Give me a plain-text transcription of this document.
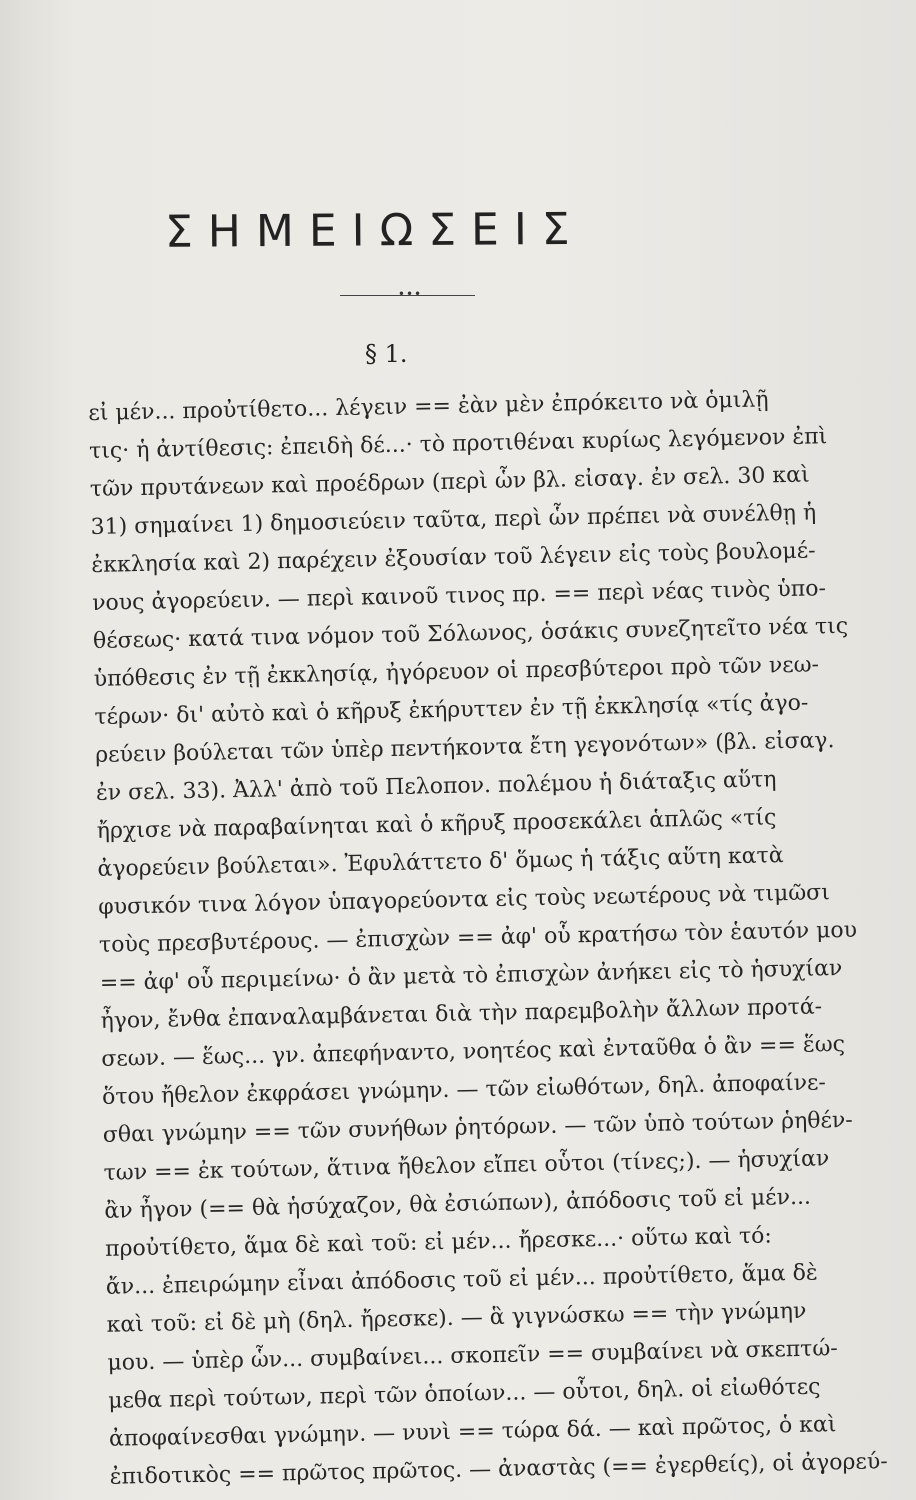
ΣΗΜΕΙΩΣΕΙΣ
•••
§ 1.
εἰ μέν... προὐτίθετο... λέγειν == ἐὰν μὲν ἐπρόκειτο νὰ ὁμιλῇ
τις· ἡ ἀντίθεσις: ἐπειδὴ δέ...· τὸ προτιθέναι κυρίως λεγόμενον ἐπὶ
τῶν πρυτάνεων καὶ προέδρων (περὶ ὧν βλ. εἰσαγ. ἐν σελ. 30 καὶ
31) σημαίνει 1) δημοσιεύειν ταῦτα, περὶ ὧν πρέπει νὰ συνέλθῃ ἡ
ἐκκλησία καὶ 2) παρέχειν ἐξουσίαν τοῦ λέγειν εἰς τοὺς βουλομέ-
νους ἀγορεύειν. — περὶ καινοῦ τινος πρ. == περὶ νέας τινὸς ὑπο-
θέσεως· κατά τινα νόμον τοῦ Σόλωνος, ὁσάκις συνεζητεῖτο νέα τις
ὑπόθεσις ἐν τῇ ἐκκλησίᾳ, ἠγόρευον οἱ πρεσβύτεροι πρὸ τῶν νεω-
τέρων· δι' αὐτὸ καὶ ὁ κῆρυξ ἐκήρυττεν ἐν τῇ ἐκκλησίᾳ «τίς ἀγο-
ρεύειν βούλεται τῶν ὑπὲρ πεντήκοντα ἔτη γεγονότων» (βλ. εἰσαγ.
ἐν σελ. 33). Ἀλλ' ἀπὸ τοῦ Πελοπον. πολέμου ἡ διάταξις αὕτη
ἤρχισε νὰ παραβαίνηται καὶ ὁ κῆρυξ προσεκάλει ἁπλῶς «τίς
ἀγορεύειν βούλεται». Ἐφυλάττετο δ' ὅμως ἡ τάξις αὕτη κατὰ
φυσικόν τινα λόγον ὑπαγορεύοντα εἰς τοὺς νεωτέρους νὰ τιμῶσι
τοὺς πρεσβυτέρους. — ἐπισχὼν == ἀφ' οὗ κρατήσω τὸν ἑαυτόν μου
== ἀφ' οὗ περιμείνω· ὁ ἂν μετὰ τὸ ἐπισχὼν ἀνήκει εἰς τὸ ἡσυχίαν
ἦγον, ἔνθα ἐπαναλαμβάνεται διὰ τὴν παρεμβολὴν ἄλλων προτά-
σεων. — ἕως... γν. ἀπεφήναντο, νοητέος καὶ ἐνταῦθα ὁ ἂν == ἕως
ὅτου ἤθελον ἐκφράσει γνώμην. — τῶν εἰωθότων, δηλ. ἀποφαίνε-
σθαι γνώμην == τῶν συνήθων ῥητόρων. — τῶν ὑπὸ τούτων ῥηθέν-
των == ἐκ τούτων, ἅτινα ἤθελον εἴπει οὗτοι (τίνες;). — ἡσυχίαν
ἂν ἦγον (== θὰ ἡσύχαζον, θὰ ἐσιώπων), ἀπόδοσις τοῦ εἰ μέν...
προὐτίθετο, ἅμα δὲ καὶ τοῦ: εἰ μέν... ἤρεσκε...· οὕτω καὶ τό:
ἄν... ἐπειρώμην εἶναι ἀπόδοσις τοῦ εἰ μέν... προὐτίθετο, ἅμα δὲ
καὶ τοῦ: εἰ δὲ μὴ (δηλ. ἤρεσκε). — ἃ γιγνώσκω == τὴν γνώμην
μου. — ὑπὲρ ὧν... συμβαίνει... σκοπεῖν == συμβαίνει νὰ σκεπτώ-
μεθα περὶ τούτων, περὶ τῶν ὁποίων... — οὗτοι, δηλ. οἱ εἰωθότες
ἀποφαίνεσθαι γνώμην. — νυνὶ == τώρα δά. — καὶ πρῶτος, ὁ καὶ
ἐπιδοτικὸς == πρῶτος πρῶτος. — ἀναστὰς (== ἐγερθείς), οἱ ἀγορεύ-
